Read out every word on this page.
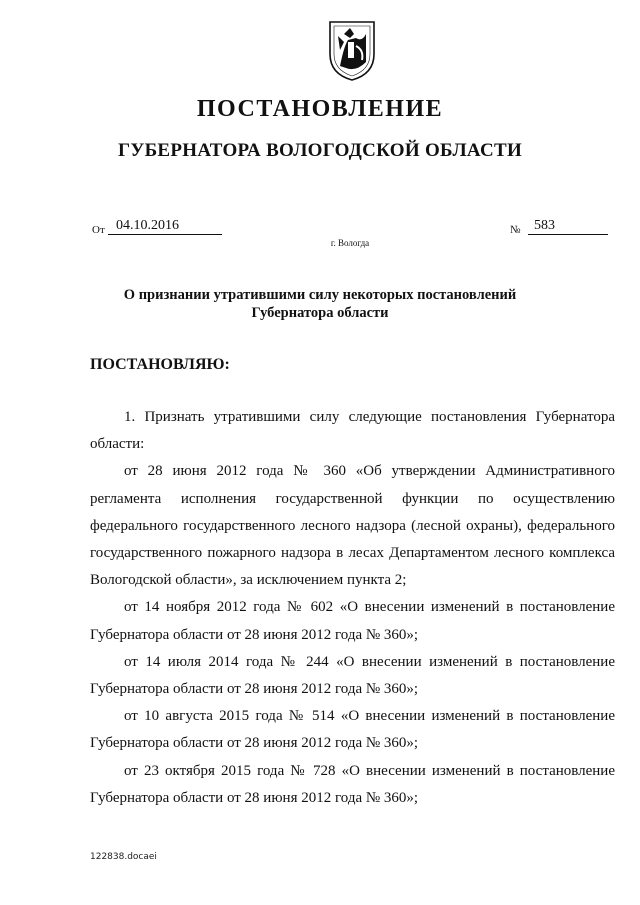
ПОСТАНОВЛЕНИЕ
ГУБЕРНАТОРА ВОЛОГОДСКОЙ ОБЛАСТИ
От 04.10.2016	№ 583
г. Вологда
О признании утратившими силу некоторых постановлений
Губернатора области
ПОСТАНОВЛЯЮ:

1. Признать утратившими силу следующие постановления Губернатора области:

от 28 июня 2012 года № 360 «Об утверждении Административного регламента исполнения государственной функции по осуществлению федерального государственного лесного надзора (лесной охраны), федерального государственного пожарного надзора в лесах Департаментом лесного комплекса Вологодской области», за исключением пункта 2;

от 14 ноября 2012 года № 602 «О внесении изменений в постановление Губернатора области от 28 июня 2012 года № 360»;

от 14 июля 2014 года № 244 «О внесении изменений в постановление Губернатора области от 28 июня 2012 года № 360»;

от 10 августа 2015 года № 514 «О внесении изменений в постановление Губернатора области от 28 июня 2012 года № 360»;

от 23 октября 2015 года № 728 «О внесении изменений в постановление Губернатора области от 28 июня 2012 года № 360»;

122838.docaei
